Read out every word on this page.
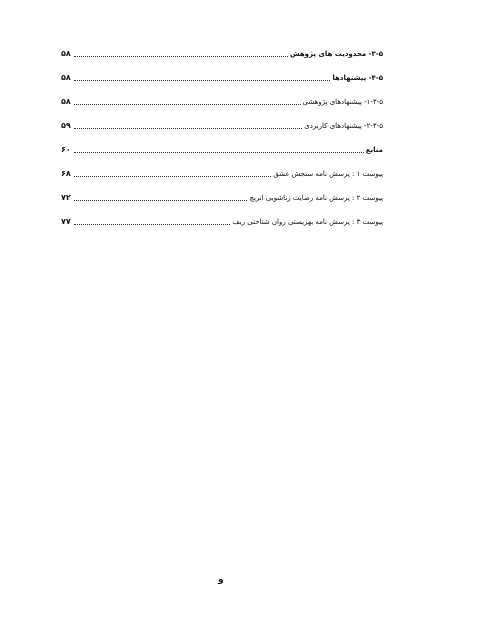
۵۸	۳-۵- محدودیت های پژوهش
۵۸	۴-۵- پیشنهادها
۵۸	۱-۴-۵- پیشنهادهای پژوهشی
۵۹	۲-۴-۵- پیشنهادهای کاربردی
۶۰	منابع
۶۸	پیوست ۱ : پرسش نامه سنجش عشق
۷۲	پیوست ۲ : پرسش نامه رضایت زناشویی انریچ
۷۷	پیوست ۳ : پرسش نامه بهزیستی روان شناختی ریف
و
